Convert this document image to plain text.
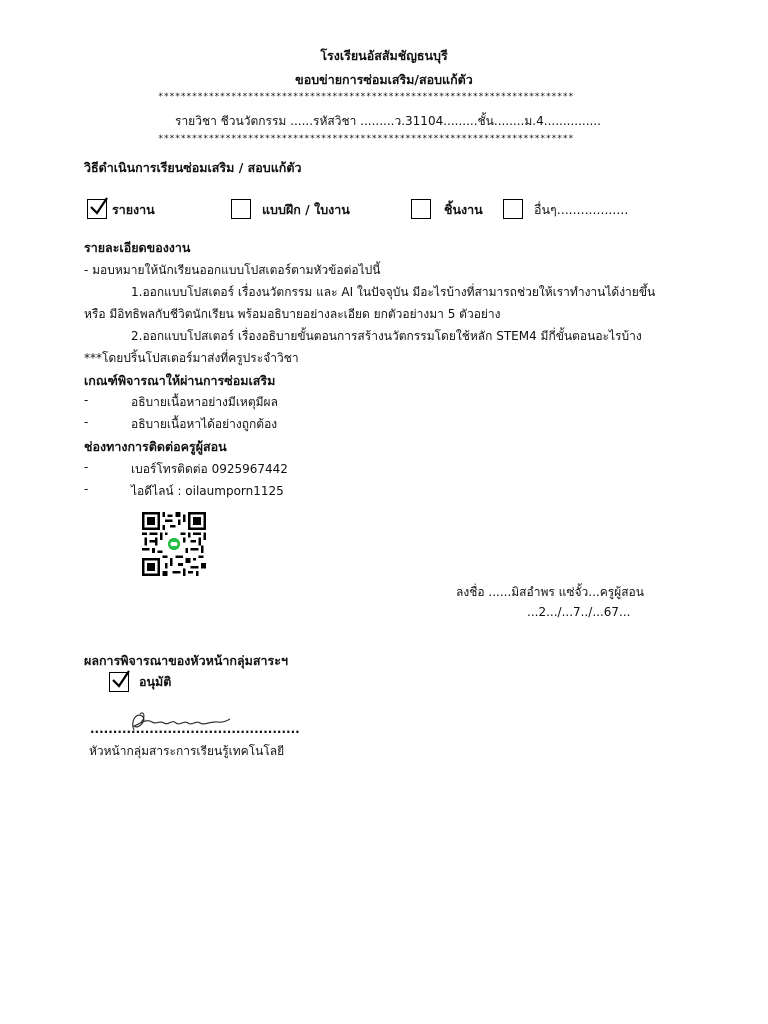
โรงเรียนอัสสัมชัญธนบุรี
ขอบข่ายการซ่อมเสริม/สอบแก้ตัว
**************************************************************************
รายวิชา ชีวนวัตกรรม ......รหัสวิชา .........ว.31104.........ชั้น........ม.4...............
**************************************************************************
วิธีดำเนินการเรียนซ่อมเสริม / สอบแก้ตัว
รายงาน	แบบฝึก / ใบงาน	ชิ้นงาน	อื่นๆ..................
รายละเอียดของงาน
- มอบหมายให้นักเรียนออกแบบโปสเตอร์ตามหัวข้อต่อไปนี้
1.ออกแบบโปสเตอร์ เรื่องนวัตกรรม และ AI ในปัจจุบัน มีอะไรบ้างที่สามารถช่วยให้เราทำงานได้ง่ายขึ้น
หรือ มีอิทธิพลกับชีวิตนักเรียน พร้อมอธิบายอย่างละเอียด ยกตัวอย่างมา 5 ตัวอย่าง
2.ออกแบบโปสเตอร์ เรื่องอธิบายขั้นตอนการสร้างนวัตกรรมโดยใช้หลัก STEM4 มีกี่ขั้นตอนอะไรบ้าง
***โดยปริ้นโปสเตอร์มาส่งที่ครูประจำวิชา
เกณฑ์พิจารณาให้ผ่านการซ่อมเสริม
-	อธิบายเนื้อหาอย่างมีเหตุมีผล
-	อธิบายเนื้อหาได้อย่างถูกต้อง
ช่องทางการติดต่อครูผู้สอน
-	เบอร์โทรติดต่อ 0925967442
-	ไอดีไลน์ : oilaumporn1125
ลงชื่อ ......มิสอำพร แซ่จั้ว...ครูผู้สอน
...2.../...7../...67...
ผลการพิจารณาของหัวหน้ากลุ่มสาระฯ
อนุมัติ
..............................................
หัวหน้ากลุ่มสาระการเรียนรู้เทคโนโลยี
